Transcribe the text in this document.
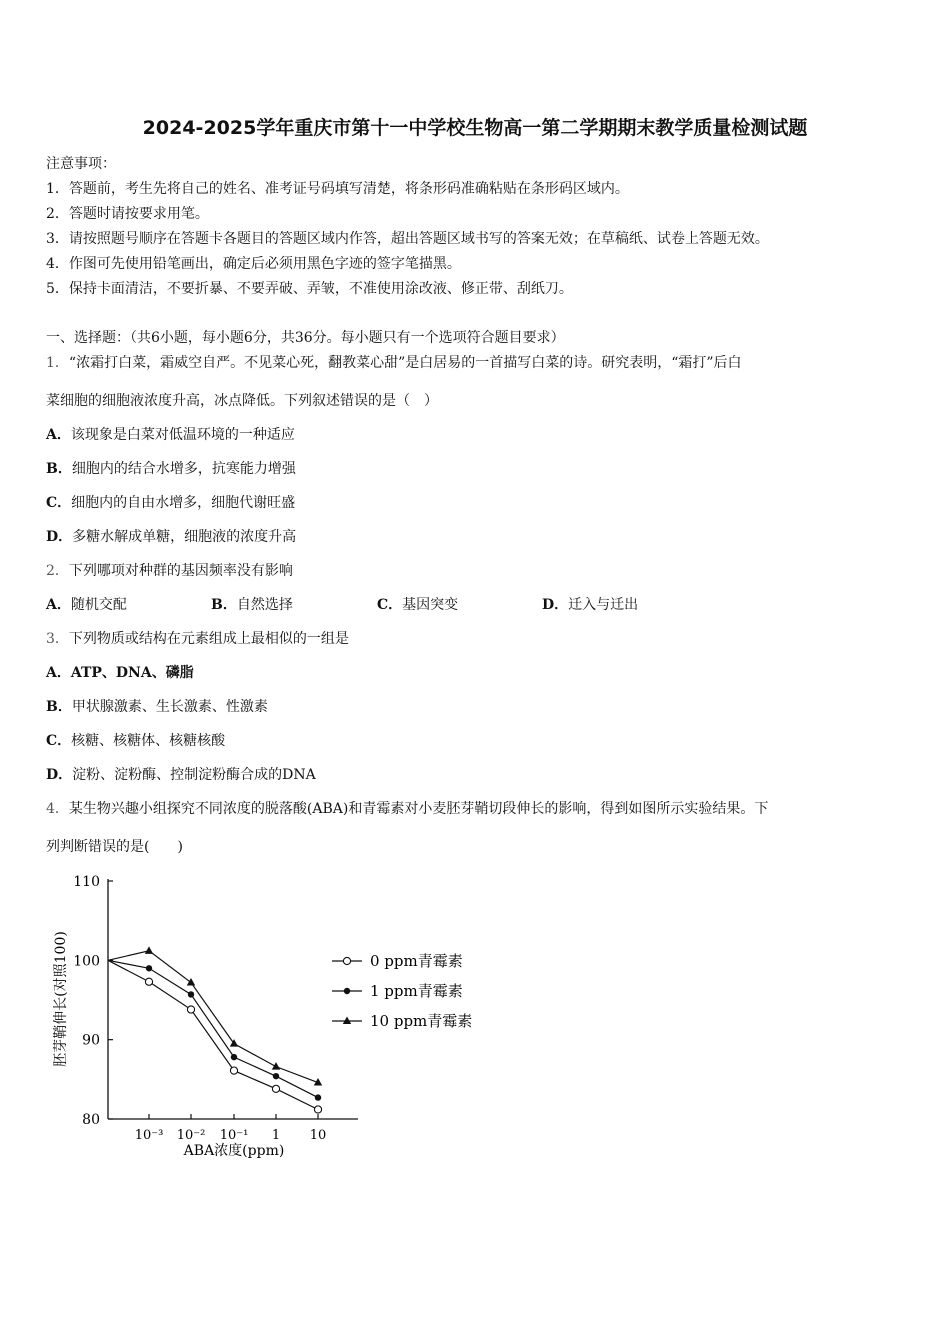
2024-2025学年重庆市第十一中学校生物高一第二学期期末教学质量检测试题
注意事项：
1．答题前，考生先将自己的姓名、准考证号码填写清楚，将条形码准确粘贴在条形码区域内。
2．答题时请按要求用笔。
3．请按照题号顺序在答题卡各题目的答题区域内作答，超出答题区域书写的答案无效；在草稿纸、试卷上答题无效。
4．作图可先使用铅笔画出，确定后必须用黑色字迹的签字笔描黑。
5．保持卡面清洁，不要折暴、不要弄破、弄皱，不准使用涂改液、修正带、刮纸刀。
一、选择题：（共6小题，每小题6分，共36分。每小题只有一个选项符合题目要求）
1．“浓霜打白菜，霜威空自严。不见菜心死，翻教菜心甜”是白居易的一首描写白菜的诗。研究表明，“霜打”后白
菜细胞的细胞液浓度升高，冰点降低。下列叙述错误的是（　）
A．该现象是白菜对低温环境的一种适应
B．细胞内的结合水增多，抗寒能力增强
C．细胞内的自由水增多，细胞代谢旺盛
D．多糖水解成单糖，细胞液的浓度升高
2．下列哪项对种群的基因频率没有影响
A．随机交配	B．自然选择	C．基因突变	D．迁入与迁出
3．下列物质或结构在元素组成上最相似的一组是
A．ATP、DNA、磷脂
B．甲状腺激素、生长激素、性激素
C．核糖、核糖体、核糖核酸
D．淀粉、淀粉酶、控制淀粉酶合成的DNA
4．某生物兴趣小组探究不同浓度的脱落酸(ABA)和青霉素对小麦胚芽鞘切段伸长的影响，得到如图所示实验结果。下
列判断错误的是(　　)
80
90
100
110
10⁻³ 10⁻² 10⁻¹ 1 10
胚芽鞘伸长(对照100)
ABA浓度(ppm)
0 ppm青霉素
1 ppm青霉素
10 ppm青霉素
